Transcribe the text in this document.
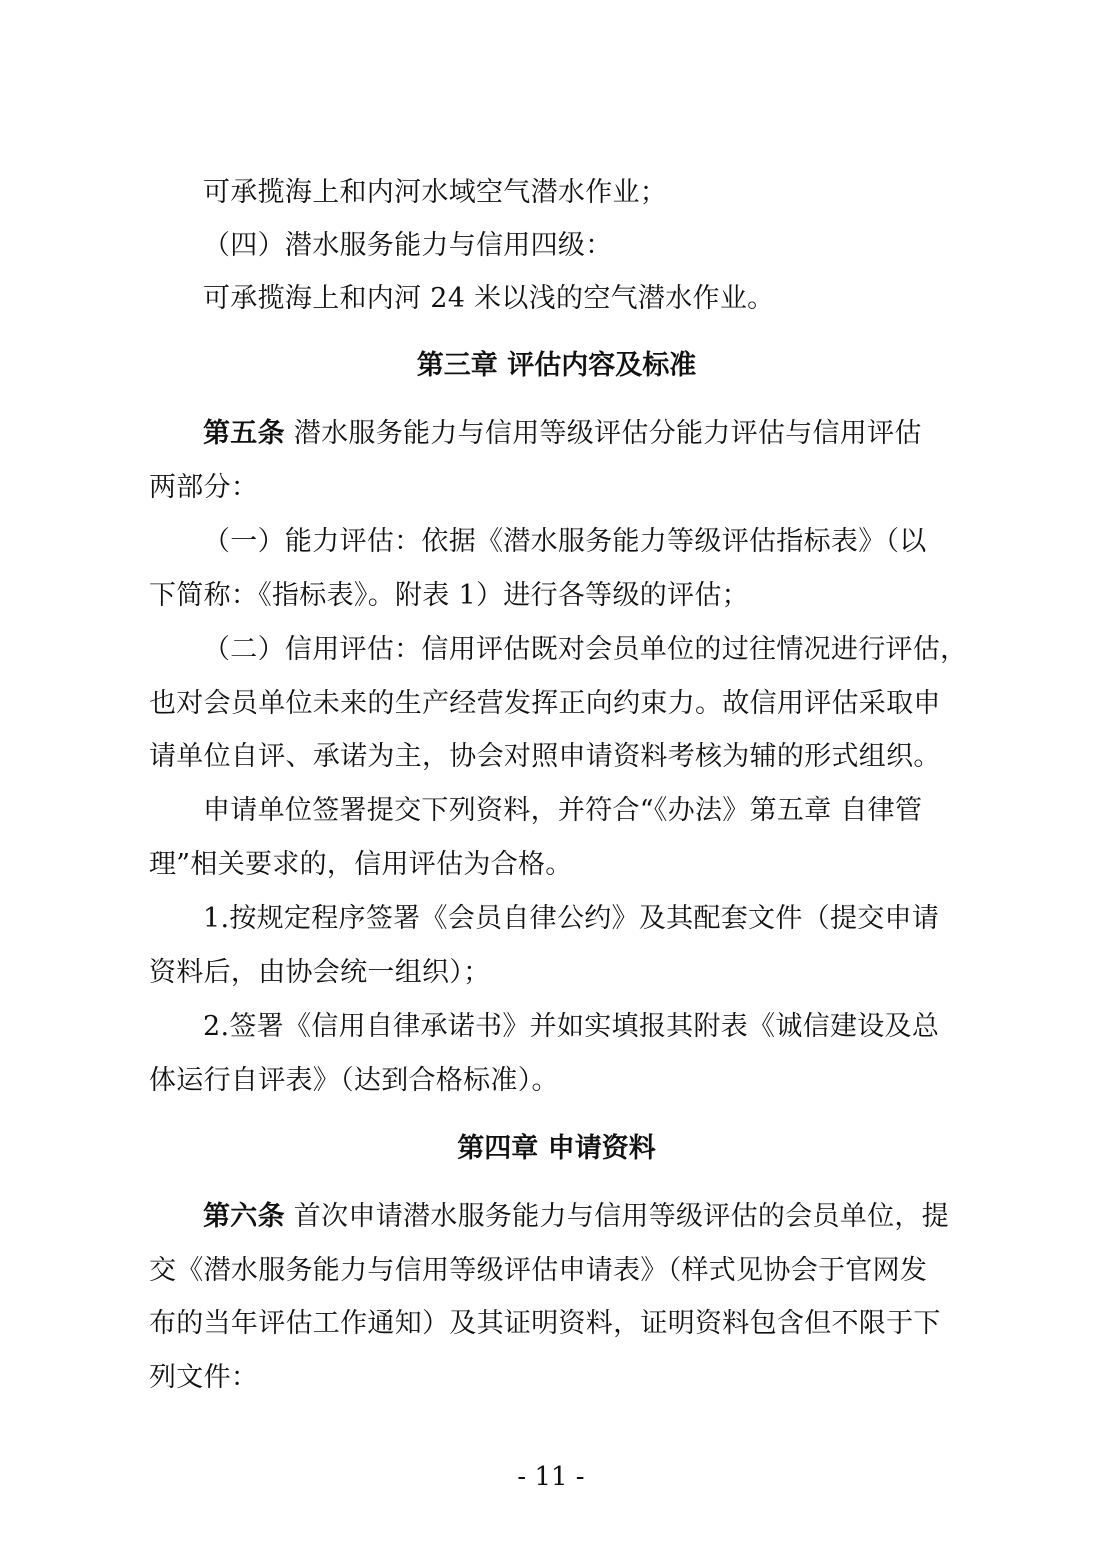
可承揽海上和内河水域空气潜水作业；
（四）潜水服务能力与信用四级：
可承揽海上和内河 24 米以浅的空气潜水作业。
第三章 评估内容及标准
第五条 潜水服务能力与信用等级评估分能力评估与信用评估
两部分：
（一）能力评估：依据《潜水服务能力等级评估指标表》（以
下简称：《指标表》。附表 1）进行各等级的评估；
（二）信用评估：信用评估既对会员单位的过往情况进行评估，
也对会员单位未来的生产经营发挥正向约束力。故信用评估采取申
请单位自评、承诺为主，协会对照申请资料考核为辅的形式组织。
申请单位签署提交下列资料，并符合“《办法》第五章 自律管
理”相关要求的，信用评估为合格。
1.按规定程序签署《会员自律公约》及其配套文件（提交申请
资料后，由协会统一组织）；
2.签署《信用自律承诺书》并如实填报其附表《诚信建设及总
体运行自评表》（达到合格标准）。
第四章 申请资料
第六条 首次申请潜水服务能力与信用等级评估的会员单位，提
交《潜水服务能力与信用等级评估申请表》（样式见协会于官网发
布的当年评估工作通知）及其证明资料，证明资料包含但不限于下
列文件：
- 11 -
